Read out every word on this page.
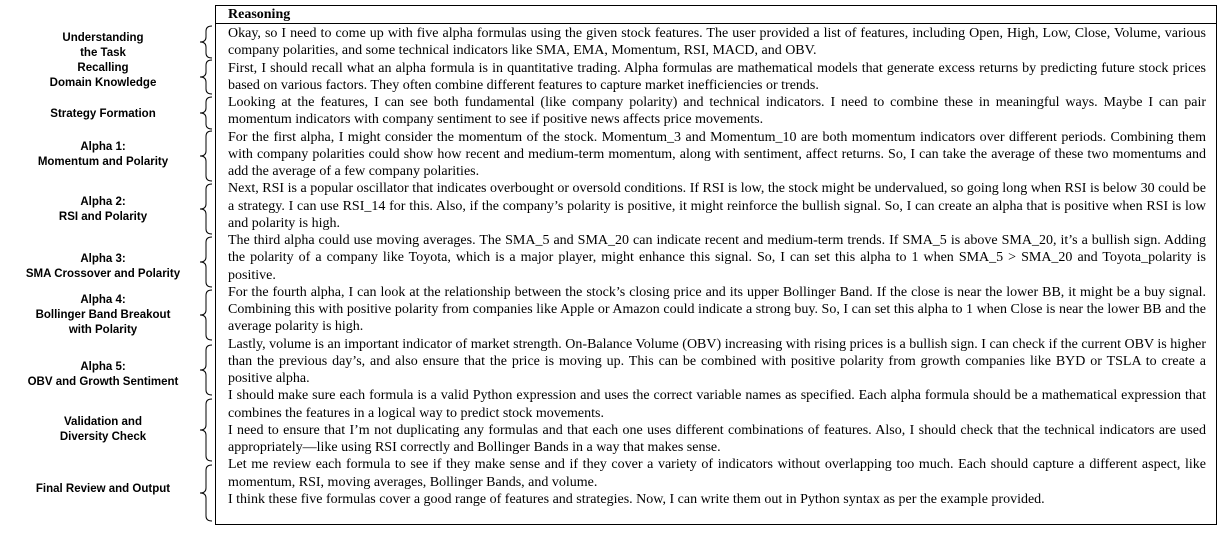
Understanding
the Task
Recalling
Domain Knowledge
Strategy Formation
Alpha 1:
Momentum and Polarity
Alpha 2:
RSI and Polarity
Alpha 3:
SMA Crossover and Polarity
Alpha 4:
Bollinger Band Breakout
with Polarity
Alpha 5:
OBV and Growth Sentiment
Validation and
Diversity Check
Final Review and Output
Reasoning

Okay, so I need to come up with five alpha formulas using the given stock features. The user provided a list of features, including Open, High, Low, Close, Volume, various company polarities, and some technical indicators like SMA, EMA, Momentum, RSI, MACD, and OBV.

First, I should recall what an alpha formula is in quantitative trading. Alpha formulas are mathematical models that generate excess returns by predicting future stock prices based on various factors. They often combine different features to capture market inefficiencies or trends.

Looking at the features, I can see both fundamental (like company polarity) and technical indicators. I need to combine these in meaningful ways. Maybe I can pair momentum indicators with company sentiment to see if positive news affects price movements.

For the first alpha, I might consider the momentum of the stock. Momentum_3 and Momentum_10 are both momentum indicators over different periods. Combining them with company polarities could show how recent and medium-term momentum, along with sentiment, affect returns. So, I can take the average of these two momentums and add the average of a few company polarities.

Next, RSI is a popular oscillator that indicates overbought or oversold conditions. If RSI is low, the stock might be undervalued, so going long when RSI is below 30 could be a strategy. I can use RSI_14 for this. Also, if the company’s polarity is positive, it might reinforce the bullish signal. So, I can create an alpha that is positive when RSI is low and polarity is high.

The third alpha could use moving averages. The SMA_5 and SMA_20 can indicate recent and medium-term trends. If SMA_5 is above SMA_20, it’s a bullish sign. Adding the polarity of a company like Toyota, which is a major player, might enhance this signal. So, I can set this alpha to 1 when SMA_5 > SMA_20 and Toyota_polarity is positive.

For the fourth alpha, I can look at the relationship between the stock’s closing price and its upper Bollinger Band. If the close is near the lower BB, it might be a buy signal. Combining this with positive polarity from companies like Apple or Amazon could indicate a strong buy. So, I can set this alpha to 1 when Close is near the lower BB and the average polarity is high.

Lastly, volume is an important indicator of market strength. On-Balance Volume (OBV) increasing with rising prices is a bullish sign. I can check if the current OBV is higher than the previous day’s, and also ensure that the price is moving up. This can be combined with positive polarity from growth companies like BYD or TSLA to create a positive alpha.

I should make sure each formula is a valid Python expression and uses the correct variable names as specified. Each alpha formula should be a mathematical expression that combines the features in a logical way to predict stock movements.

I need to ensure that I’m not duplicating any formulas and that each one uses different combinations of features. Also, I should check that the technical indicators are used appropriately—like using RSI correctly and Bollinger Bands in a way that makes sense.

Let me review each formula to see if they make sense and if they cover a variety of indicators without overlapping too much. Each should capture a different aspect, like momentum, RSI, moving averages, Bollinger Bands, and volume.

I think these five formulas cover a good range of features and strategies. Now, I can write them out in Python syntax as per the example provided.
